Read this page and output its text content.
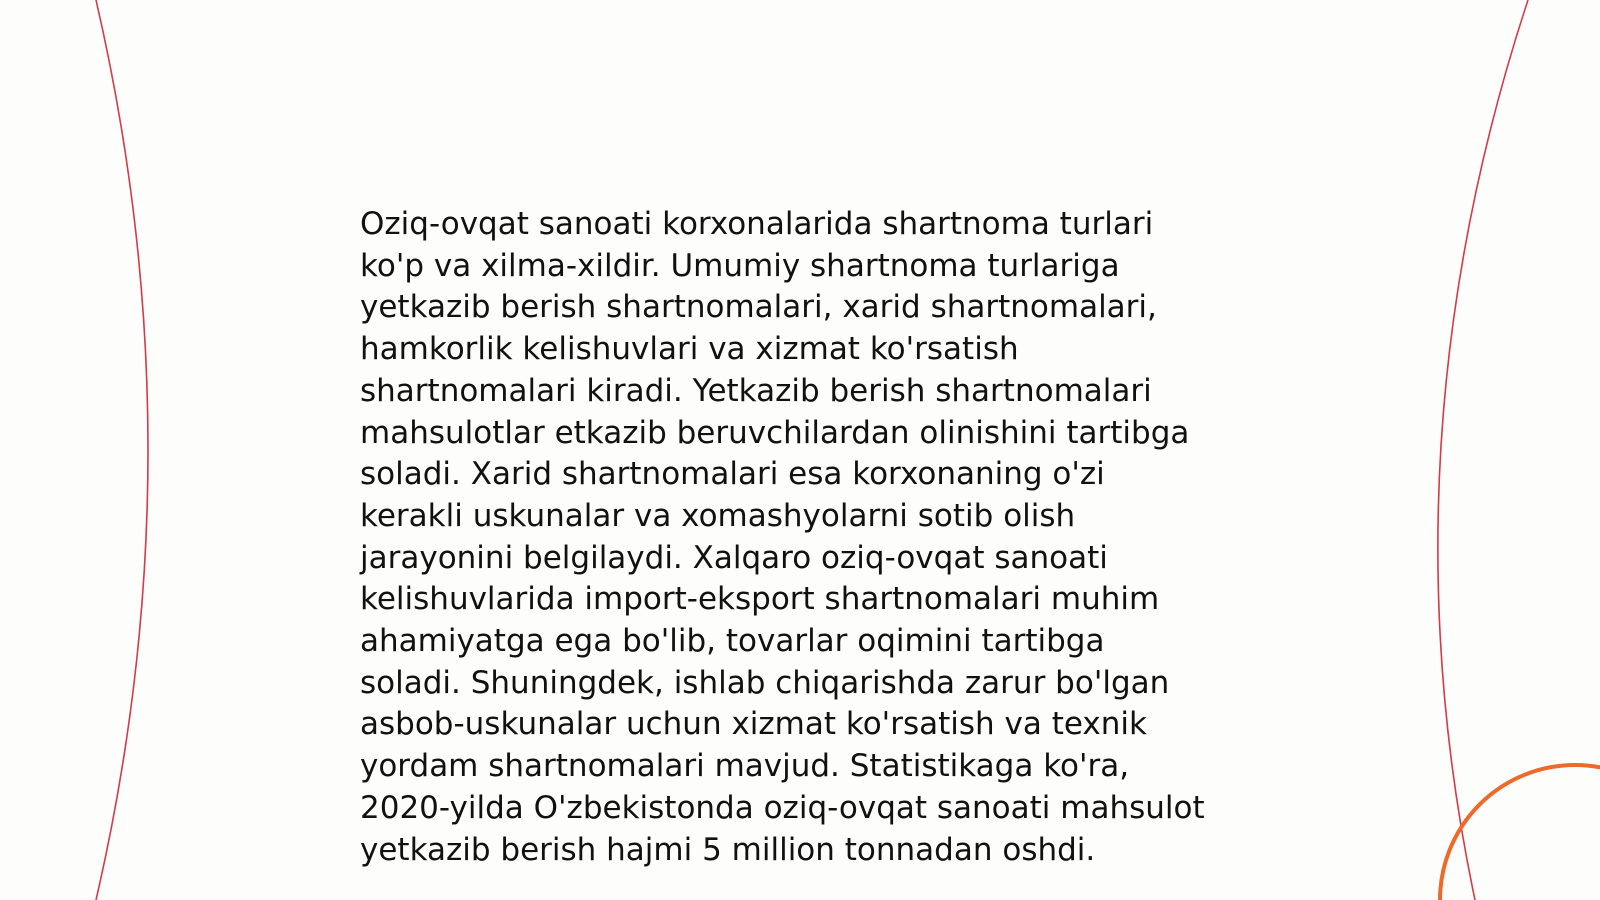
Oziq-ovqat sanoati korxonalarida shartnoma turlari
ko'p va xilma-xildir. Umumiy shartnoma turlariga
yetkazib berish shartnomalari, xarid shartnomalari,
hamkorlik kelishuvlari va xizmat ko'rsatish
shartnomalari kiradi. Yetkazib berish shartnomalari
mahsulotlar etkazib beruvchilardan olinishini tartibga
soladi. Xarid shartnomalari esa korxonaning o'zi
kerakli uskunalar va xomashyolarni sotib olish
jarayonini belgilaydi. Xalqaro oziq-ovqat sanoati
kelishuvlarida import-eksport shartnomalari muhim
ahamiyatga ega bo'lib, tovarlar oqimini tartibga
soladi. Shuningdek, ishlab chiqarishda zarur bo'lgan
asbob-uskunalar uchun xizmat ko'rsatish va texnik
yordam shartnomalari mavjud. Statistikaga ko'ra,
2020-yilda O'zbekistonda oziq-ovqat sanoati mahsulot
yetkazib berish hajmi 5 million tonnadan oshdi.
